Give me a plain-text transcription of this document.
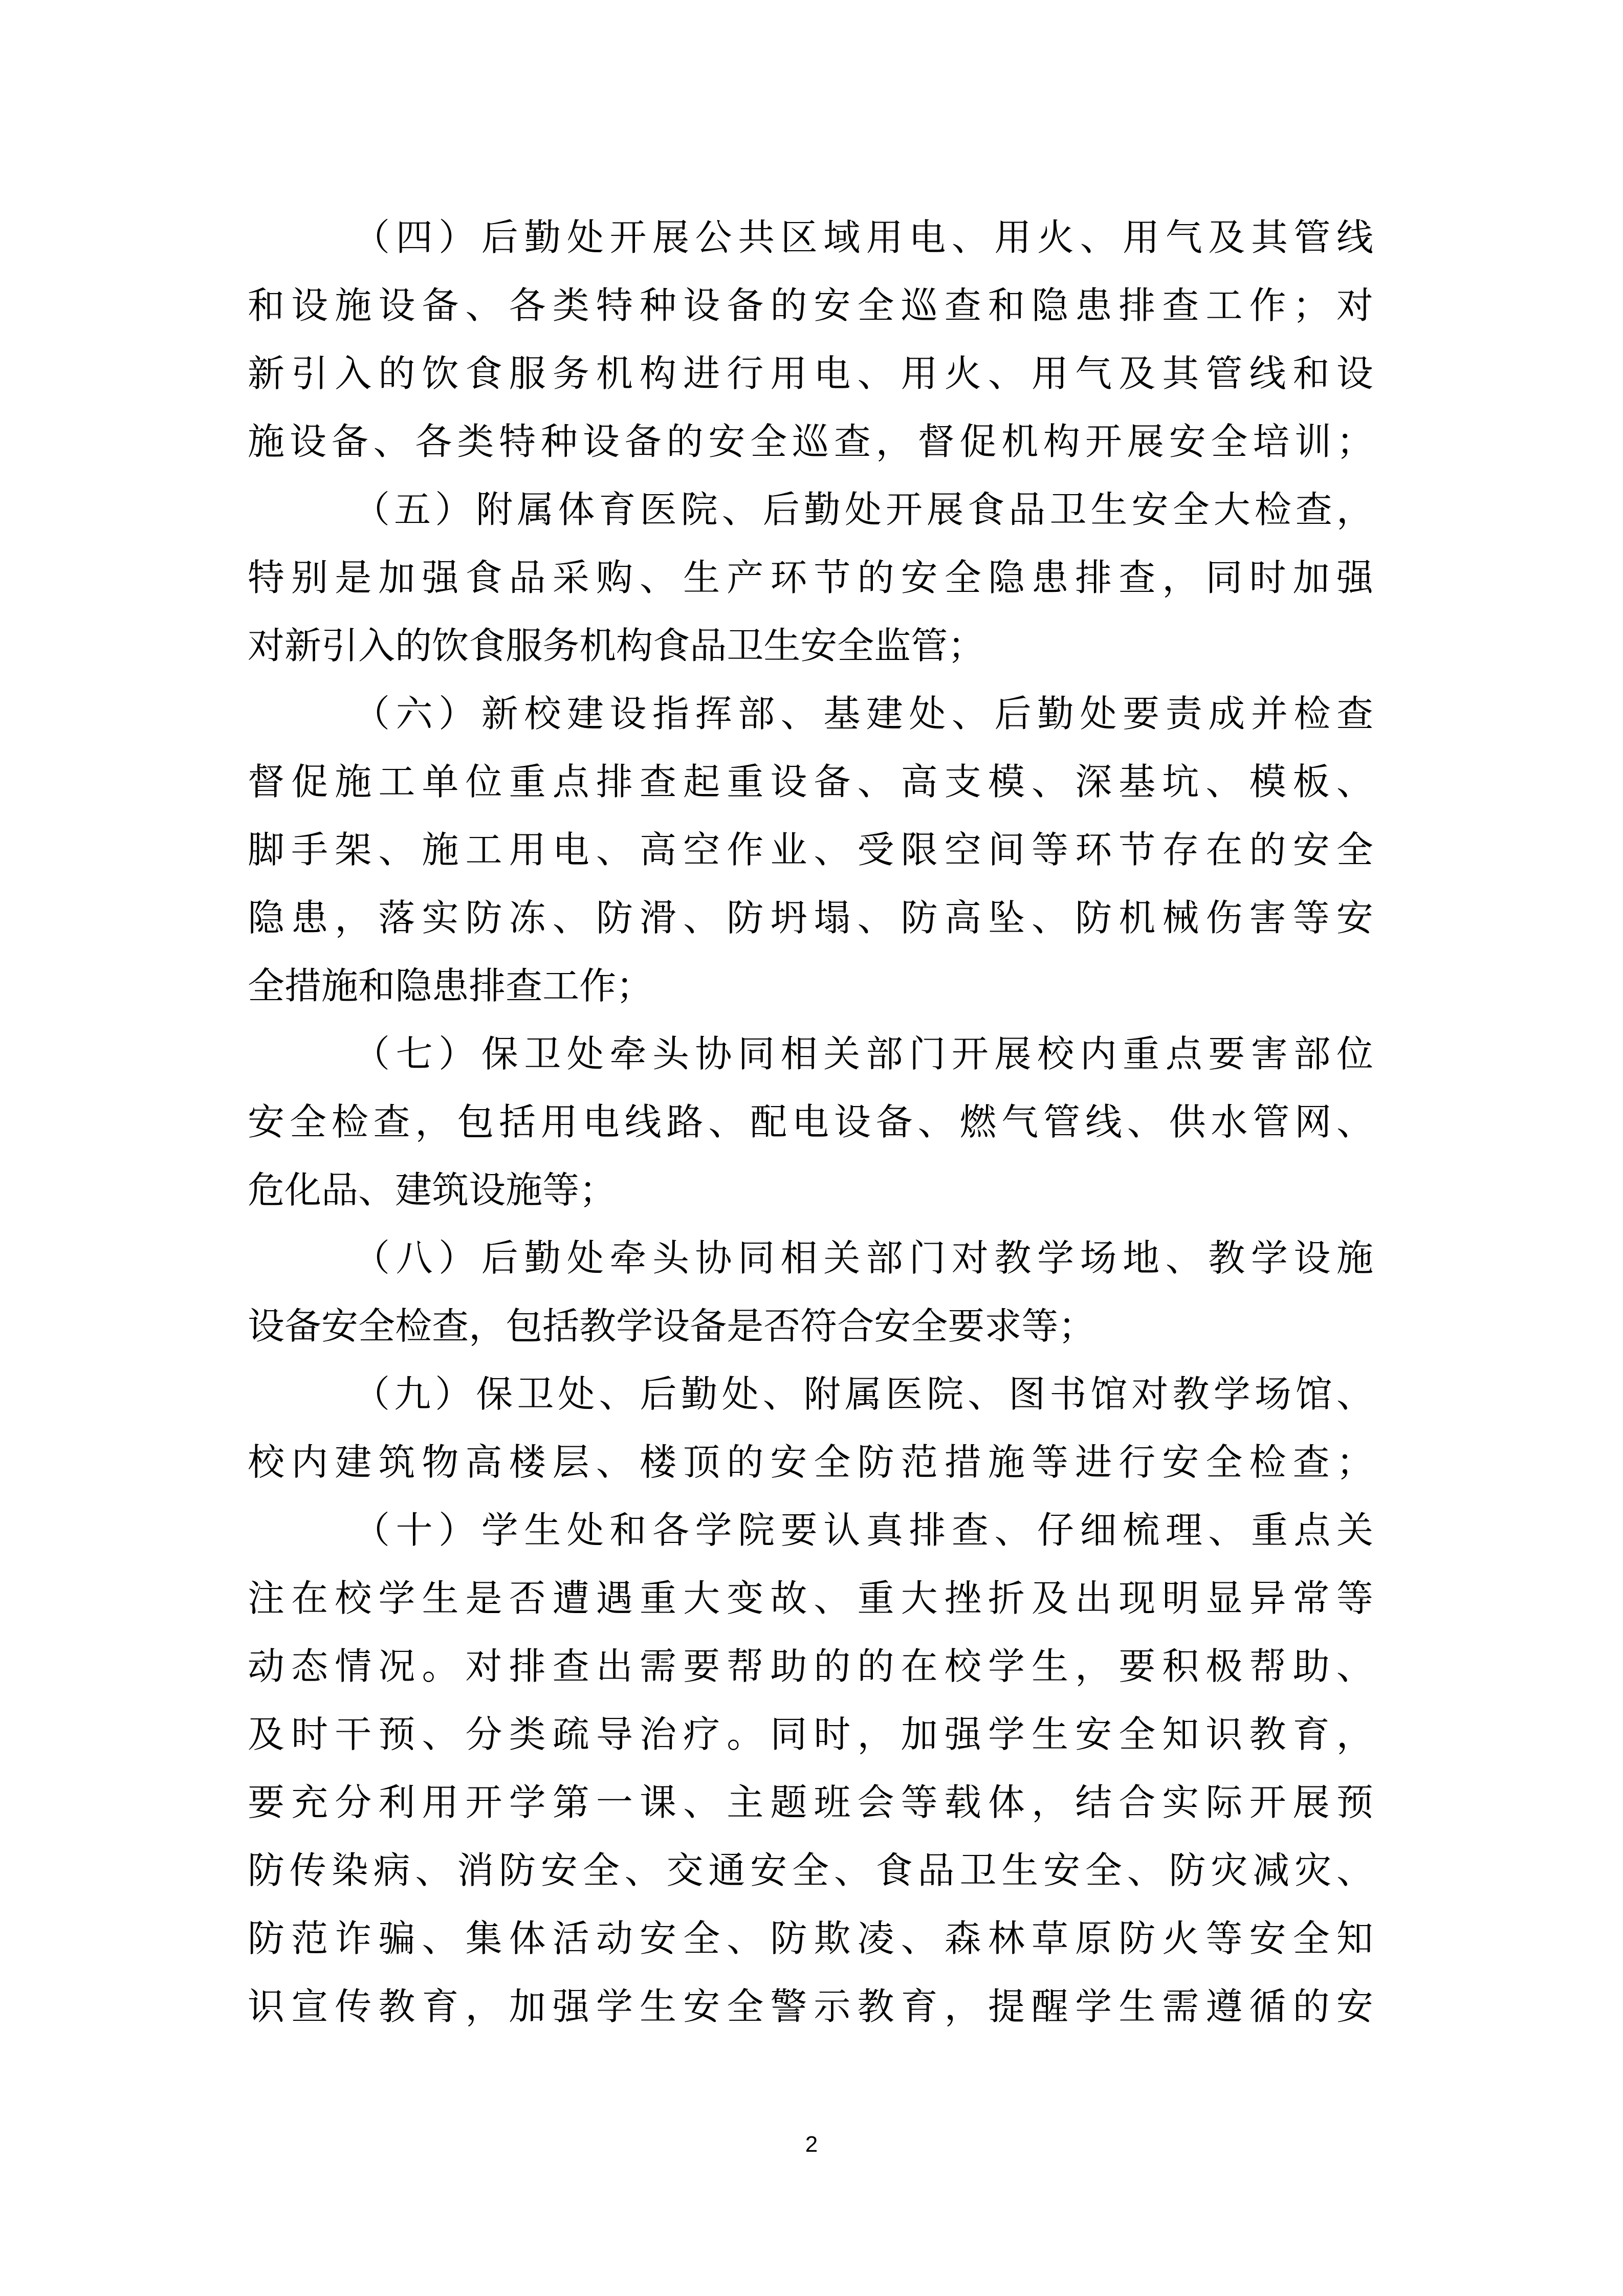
（ 四 ） 后 勤 处 开 展 公 共 区 域 用 电 、 用 火 、 用 气 及 其 管 线
和 设 施 设 备 、 各 类 特 种 设 备 的 安 全 巡 查 和 隐 患 排 查 工 作 ； 对
新 引 入 的 饮 食 服 务 机 构 进 行 用 电 、 用 火 、 用 气 及 其 管 线 和 设
施 设 备 、 各 类 特 种 设 备 的 安 全 巡 查 ， 督 促 机 构 开 展 安 全 培 训 ；
（ 五 ） 附 属 体 育 医 院 、 后 勤 处 开 展 食 品 卫 生 安 全 大 检 查 ，
特 别 是 加 强 食 品 采 购 、 生 产 环 节 的 安 全 隐 患 排 查 ， 同 时 加 强
对 新 引 入 的 饮 食 服 务 机 构 食 品 卫 生 安 全 监 管 ；
（ 六 ） 新 校 建 设 指 挥 部 、 基 建 处 、 后 勤 处 要 责 成 并 检 查
督 促 施 工 单 位 重 点 排 查 起 重 设 备 、 高 支 模 、 深 基 坑 、 模 板 、
脚 手 架 、 施 工 用 电 、 高 空 作 业 、 受 限 空 间 等 环 节 存 在 的 安 全
隐 患 ， 落 实 防 冻 、 防 滑 、 防 坍 塌 、 防 高 坠 、 防 机 械 伤 害 等 安
全 措 施 和 隐 患 排 查 工 作 ；
（ 七 ） 保 卫 处 牵 头 协 同 相 关 部 门 开 展 校 内 重 点 要 害 部 位
安 全 检 查 ， 包 括 用 电 线 路 、 配 电 设 备 、 燃 气 管 线 、 供 水 管 网 、
危 化 品 、 建 筑 设 施 等 ；
（ 八 ） 后 勤 处 牵 头 协 同 相 关 部 门 对 教 学 场 地 、 教 学 设 施
设 备 安 全 检 查 ， 包 括 教 学 设 备 是 否 符 合 安 全 要 求 等 ；
（ 九 ） 保 卫 处 、 后 勤 处 、 附 属 医 院 、 图 书 馆 对 教 学 场 馆 、
校 内 建 筑 物 高 楼 层 、 楼 顶 的 安 全 防 范 措 施 等 进 行 安 全 检 查 ；
（ 十 ） 学 生 处 和 各 学 院 要 认 真 排 查 、 仔 细 梳 理 、 重 点 关
注 在 校 学 生 是 否 遭 遇 重 大 变 故 、 重 大 挫 折 及 出 现 明 显 异 常 等
动 态 情 况 。 对 排 查 出 需 要 帮 助 的 的 在 校 学 生 ， 要 积 极 帮 助 、
及 时 干 预 、 分 类 疏 导 治 疗 。 同 时 ， 加 强 学 生 安 全 知 识 教 育 ，
要 充 分 利 用 开 学 第 一 课 、 主 题 班 会 等 载 体 ， 结 合 实 际 开 展 预
防 传 染 病 、 消 防 安 全 、 交 通 安 全 、 食 品 卫 生 安 全 、 防 灾 减 灾 、
防 范 诈 骗 、 集 体 活 动 安 全 、 防 欺 凌 、 森 林 草 原 防 火 等 安 全 知
识 宣 传 教 育 ， 加 强 学 生 安 全 警 示 教 育 ， 提 醒 学 生 需 遵 循 的 安
2
